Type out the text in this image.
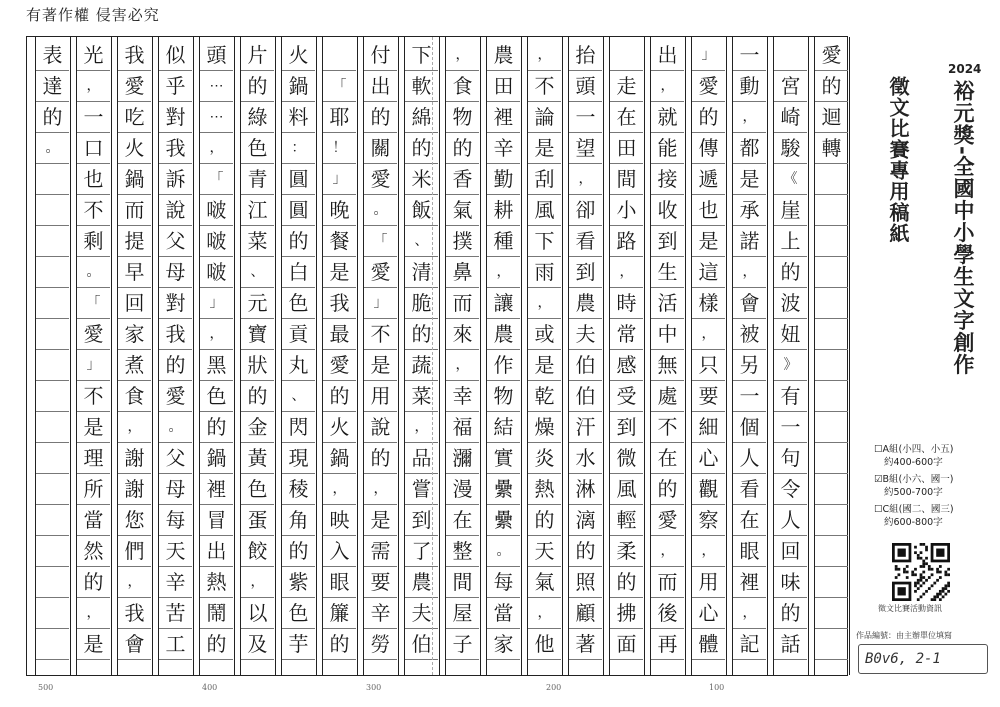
有著作權 侵害必究
愛
的
迴
轉

宮
崎
駿
《
崖
上
的
波
妞
》
有
一
句
令
人
回
味
的
話
一
動
，
都
是
承
諾
，
會
被
另
一
個
人
看
在
眼
裡
，
記
」
愛
的
傳
遞
也
是
這
樣
，
只
要
細
心
觀
察
，
用
心
體
出
，
就
能
接
收
到
生
活
中
無
處
不
在
的
愛
，
而
後
再

走
在
田
間
小
路
，
時
常
感
受
到
微
風
輕
柔
的
拂
面
抬
頭
一
望
，
卻
看
到
農
夫
伯
伯
汗
水
淋
漓
的
照
顧
著
，
不
論
是
刮
風
下
雨
，
或
是
乾
燥
炎
熱
的
天
氣
，
他
農
田
裡
辛
勤
耕
種
，
讓
農
作
物
結
實
纍
纍
。
每
當
家
，
食
物
的
香
氣
撲
鼻
而
來
，
幸
福
瀰
漫
在
整
間
屋
子
下
軟
綿
的
米
飯
、
清
脆
的
蔬
菜
，
品
嘗
到
了
農
夫
伯
付
出
的
關
愛
。
「
愛
」
不
是
用
說
的
，
是
需
要
辛
勞

「
耶
！
」
晚
餐
是
我
最
愛
的
火
鍋
，
映
入
眼
簾
的
火
鍋
料
：
圓
圓
的
白
色
貢
丸
、
閃
現
稜
角
的
紫
色
芋
片
的
綠
色
青
江
菜
、
元
寶
狀
的
金
黃
色
蛋
餃
，
以
及
頭
⋯
⋯
，
「
啵
啵
啵
」
，
黑
色
的
鍋
裡
冒
出
熱
鬧
的
似
乎
對
我
訴
說
父
母
對
我
的
愛
。
父
母
每
天
辛
苦
工
我
愛
吃
火
鍋
而
提
早
回
家
煮
食
，
謝
謝
您
們
，
我
會
光
，
一
口
也
不
剩
。
「
愛
」
不
是
理
所
當
然
的
，
是
表
達
的
。
500	400	300	200	100
2024
裕元獎-全國中小學生文字創作
徵文比賽專用稿紙
☐A組(小四、小五)
約400-600字
☑B組(小六、國一)
約500-700字
☐C組(國二、國三)
約600-800字
徵文比賽活動資訊
作品編號：由主辦單位填寫
B0v6, 2-1
